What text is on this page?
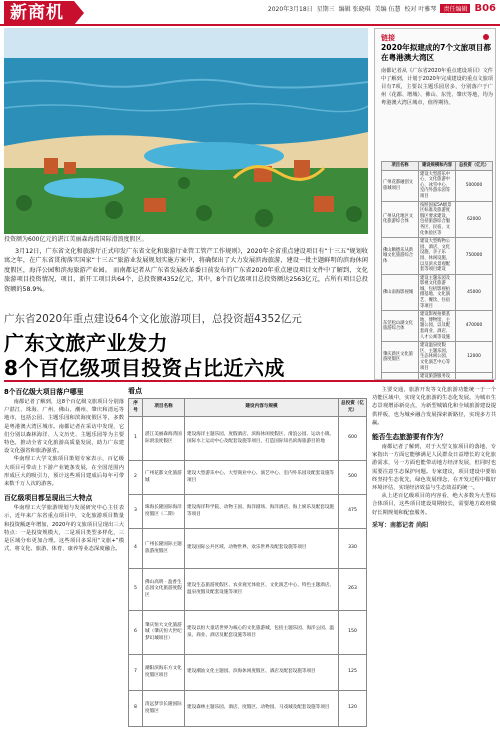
新商机	2020年3月18日 星期三 编辑 张晓琪 美编 伍慧 校对 叶雅琴	责任编辑 B06
投资额为600亿元的湛江美丽森海湾国际滑浪度假区。

3月12日，广东省文化和旅游厅正式印发广东省文化和旅游厅业管工管产工作规则》，2020年全省重点建设项目有“十三五”规划收寓之年，在广东省贯彻落实国家“十三五”旅游业发展规划实施方案中，将确保出了大力发展滨海旅游，建设一批主题鲜明的滨海休闲度假区，海洋公园和滨海旅游产业园。 而南都记者从广东省发展改革委日前发布的广东省2020年重点建设项目文件中了解到，文化旅游项目投资情况，项目，新开工项目共64个，总投资额4352亿元，其中，8个百亿级项目总投资额达2563亿元，占所有项目总投资额的58.9%。

广东省2020年重点建设64个文化旅游项目，总投资超4352亿元
广东文旅产业发力
8个百亿级项目投资占比近六成
链接
2020年拟建成的7个文旅项目都在粤港澳大湾区

南都记者从《广东省2020年重点建设项目》文件中了解到，计划于2020年完成建设的重点文旅项目有7项，主要以主题乐园居多，分别落户于广州（花都、增城）、佛山、东莞、肇庆等地，均为粤港澳大湾区城市，值得期待。

项目名称	建设规模和内容	总投资（亿元）
广州花都融创文旅城项目	建设大型游乐中心、文化旅游中心、冰雪中心、室内外游乐园等项目	500000
广州从化地区文化旅游综合体	按照国家5A级景区标准及旅游度假区要求建设，包括旅游综合服务区、民宿、文化体验区等	62000
佛山顺德乐从新城文化旅游综合体	建设大型购物公园、酒店、文化设施、亲子乐园、休闲设施，以及滨水景观配套等项目建设	750000
佛山南海影视城	建设主题乐园及影视文化旅游城，包括影视拍摄基地、文化演艺、餐饮、住宿等项目	45000
东莞松山湖文化旅游综合体	建设影视拍摄基地、博物馆、主题公园，以及配套商业、酒店、人才公寓等设施	470000
肇庆新区文化旅游度假区	建设温泉度假区、主题乐园、生态休闲公园、文化演艺中心等项目	12000
	建设旅游服务设	
8个百亿级大项目落户哪里

南都记者了解到，这8个百亿级文旅项目分别落户湛江、珠海、广州、佛山、潮州、肇庆和清远等地市，包括公园、主题乐园和滨海度假区等，多数是粤港澳大湾区城市。南都记者在采访中发现，它们分别以森林海洋、人文历史、主题乐园等为主要特色，推动全省文化旅游高质量发展，助力广东建设文化强省和旅游强省。

华南理工大学文旅项目策划专家表示，百亿级大项目可带动上下游产业链条发展，在全国范围内形成巨大的吸引力，预计这些项目建成后每年可带来数千万人次的游客。

百亿级项目都呈现出三大特点

华南理工大学旅游规划与发展研究中心主任表示，近年来广东省重点项目中，文化旅游项目数量和投资额逐年增加，2020年的文旅项目呈现出三大特点：一是投资规模大，二是项目类型多样化，三是区域分布更加合理。这些项目多采用“文旅+”模式，将文化、旅游、体育、康养等业态深度融合。

看点
序号	项目名称	建设内容与规模	总投资（亿元）
1	湛江美丽森海湾国际滑浪度假区	建设海洋主题乐园、度假酒店、滨海休闲度假区、滑浪公园、运动小镇、国际水上运动中心及配套设施等项目，打造国际知名滨海旅游目的地	600
2	广州花都文化旅游城	建设大型游乐中心、大型商业中心、演艺中心、室内外乐园及配套设施等项目	500
3	珠海长隆国际海洋度假区（二期）	建设海洋科学院、动物王国、海洋剧场、海洋酒店、海上娱乐及配套设施等项目	475
4	广州长隆国际主题旅游度假区	建设国际公共区域、动物世界、欢乐世界及配套设施等项目	330
5	佛山高明 · 盈香生态园文化旅游度假区	建设生态旅游度假区、农业观光体验区、文化演艺中心、特色主题酒店、温泉度假及配套设施等项目	263
6	肇庆恒大文化旅游城（肇庆恒大世纪梦幻城项目）	建设以恒大童话世界为核心的文化旅游城，包括主题乐园、海洋公园、温泉、商业、酒店及配套设施等项目	150
7	潮阳滨海东方文化度假区项目	建设潮汕文化主题园、滨海休闲度假区、酒店及配套设施等项目	125
8	清远梦享长隆国际度假区	建设森林主题乐园、酒店、度假区、动物园、马戏城及配套设施等项目	120

主要交通，旅游开发等文化旅游功能统一于一个功能区域中，实现文化旅游的生态化发展。为城市生态景观增添新亮点，为新型城镇化和全域旅游建设提供样板，也为城乡融合发展探索新路径，实现多方共赢。

能否生态旅游要有作为？

南都记者了解到，对于大型文旅项目的落地，专家指出一方面它能够满足人民群众日益增长的文化旅游需求，另一方面也能带动地方经济发展，但同时也需要注意生态保护问题。专家建议，项目建设中要始终坚持生态优先，绿色发展理念，在开发过程中做好环境评估，实现经济效益与生态效益的统一。

从上述百亿级项目的内容看，绝大多数为大型综合体项目，这些项目建设周期较长，需要地方政府做好长期规划和配套服务。

采写：南都记者 尚阳
